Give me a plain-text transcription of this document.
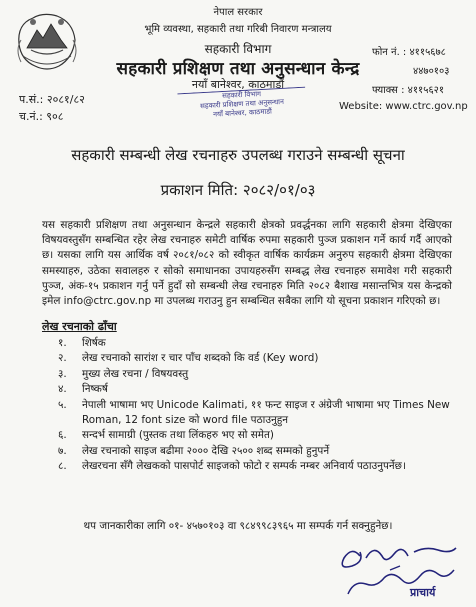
नेपाल सरकार
भूमि व्यवस्था, सहकारी तथा गरिबी निवारण मन्त्रालय
सहकारी विभाग
सहकारी प्रशिक्षण तथा अनुसन्धान केन्द्र
नयाँ बानेश्वर, काठमाडौं
सहकारी विभाग
सहकारी प्रशिक्षण तथा अनुसन्धान
नयाँ बानेश्वर, काठमाडौं
फोन नं. : ४११५६७८
४४७०१०३
फ्याक्स : ४११५६२१
Website: www.ctrc.gov.np
प.सं.: २०८१/८२
च.नं.: ९०८
सहकारी सम्बन्धी लेख रचनाहरु उपलब्ध गराउने सम्बन्धी सूचना
प्रकाशन मिति: २०८२/०१/०३
यस सहकारी प्रशिक्षण तथा अनुसन्धान केन्द्रले सहकारी क्षेत्रको प्रवर्द्धनका लागि सहकारी क्षेत्रमा देखिएका विषयवस्तुसँग सम्बन्धित रहेर लेख रचनाहरु समेटी वार्षिक रुपमा सहकारी पुञ्ज प्रकाशन गर्ने कार्य गर्दै आएको छ। यसका लागि यस आर्थिक वर्ष २०८१/०८२ को स्वीकृत वार्षिक कार्यक्रम अनुरुप सहकारी क्षेत्रमा देखिएका समस्याहरु, उठेका सवालहरु र सोको समाधानका उपायहरुसँग सम्बद्ध लेख रचनाहरु समावेश गरी सहकारी पुञ्ज, अंक-१५ प्रकाशन गर्नु पर्ने हुदाँ सो सम्बन्धी लेख रचनाहरु मिति २०८२ बैशाख मसान्तभित्र यस केन्द्रको इमेल info@ctrc.gov.np मा उपलब्ध गराउनु हुन सम्बन्धित सबैका लागि यो सूचना प्रकाशन गरिएको छ।
लेख रचनाको ढाँचा
१.	शिर्षक
२.	लेख रचनाको सारांश र चार पाँच शब्दको कि वर्ड (Key word)
३.	मुख्य लेख रचना / विषयवस्तु
४.	निष्कर्ष
५.	नेपाली भाषामा भए Unicode Kalimati, ११ फन्ट साइज र अंग्रेजी भाषामा भए Times New Roman, 12 font size को word file पठाउनुहुन
६.	सन्दर्भ सामाग्री (पुस्तक तथा लिंकहरु भए सो समेत)
७.	लेख रचनाको साइज बढीमा २००० देखि २५०० शब्द सम्मको हुनुपर्ने
८.	लेखरचना सँगै लेखकको पासपोर्ट साइजको फोटो र सम्पर्क नम्बर अनिवार्य पठाउनुपर्नेछ।
थप जानकारीका लागि ०१- ४५७०१०३ वा ९८४९९८३९६५ मा सम्पर्क गर्न सक्नुहुनेछ।
प्राचार्य
